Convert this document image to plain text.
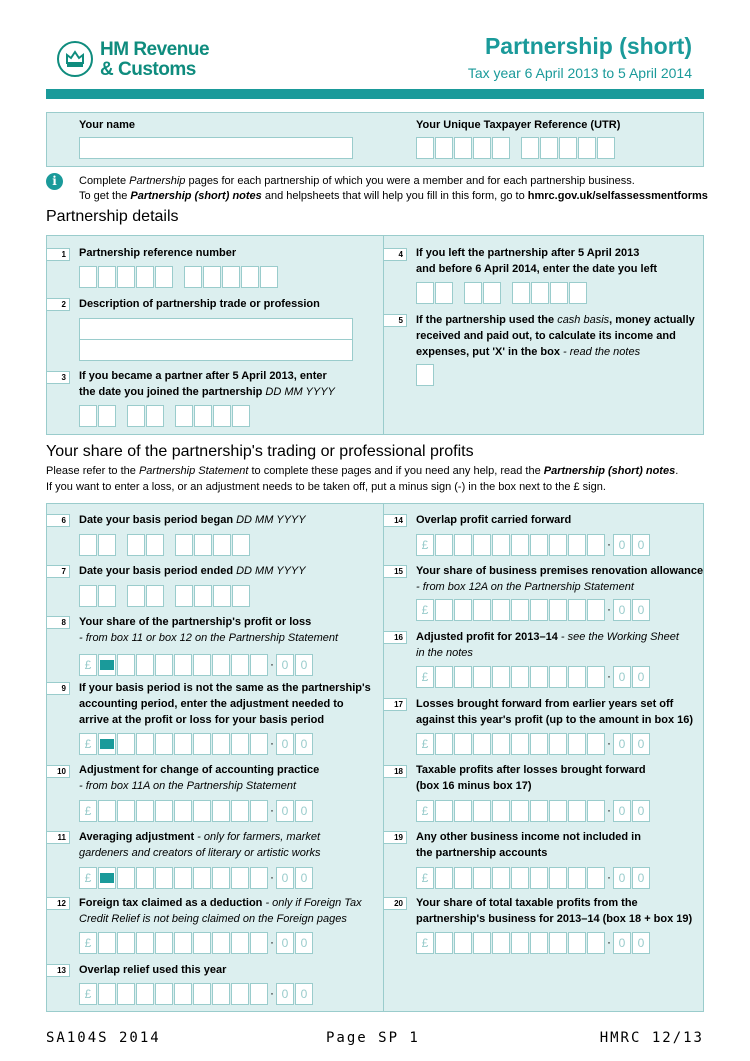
HM Revenue
& Customs
Partnership (short)
Tax year 6 April 2013 to 5 April 2014
Your name	Your Unique Taxpayer Reference (UTR)
i	Complete Partnership pages for each partnership of which you were a member and for each partnership business.
To get the Partnership (short) notes and helpsheets that will help you fill in this form, go to hmrc.gov.uk/selfassessmentforms
Partnership details
1	Partnership reference number
2	Description of partnership trade or profession
3	If you became a partner after 5 April 2013, enter
the date you joined the partnership DD MM YYYY
4	If you left the partnership after 5 April 2013
and before 6 April 2014, enter the date you left
5	If the partnership used the cash basis, money actually
received and paid out, to calculate its income and
expenses, put 'X' in the box - read the notes
Your share of the partnership's trading or professional profits
Please refer to the Partnership Statement to complete these pages and if you need any help, read the Partnership (short) notes.
If you want to enter a loss, or an adjustment needs to be taken off, put a minus sign (-) in the box next to the £ sign.
6	Date your basis period began DD MM YYYY
7	Date your basis period ended DD MM YYYY
8	Your share of the partnership's profit or loss
- from box 11 or box 12 on the Partnership Statement
£	· 0	0
9	If your basis period is not the same as the partnership's
accounting period, enter the adjustment needed to
arrive at the profit or loss for your basis period
£	· 0	0
10	Adjustment for change of accounting practice
- from box 11A on the Partnership Statement
£	· 0	0
11	Averaging adjustment - only for farmers, market
gardeners and creators of literary or artistic works
£	· 0	0
12	Foreign tax claimed as a deduction - only if Foreign Tax
Credit Relief is not being claimed on the Foreign pages
£	· 0	0
13	Overlap relief used this year
£	· 0	0
14	Overlap profit carried forward
£	· 0	0
15	Your share of business premises renovation allowance
- from box 12A on the Partnership Statement
£	· 0	0
16	Adjusted profit for 2013–14 - see the Working Sheet
in the notes
£	· 0	0
17	Losses brought forward from earlier years set off
against this year's profit (up to the amount in box 16)
£	· 0	0
18	Taxable profits after losses brought forward
(box 16 minus box 17)
£	· 0	0
19	Any other business income not included in
the partnership accounts
£	· 0	0
20	Your share of total taxable profits from the
partnership's business for 2013–14 (box 18 + box 19)
£	· 0	0
SA104S 2014	Page SP 1	HMRC 12/13
